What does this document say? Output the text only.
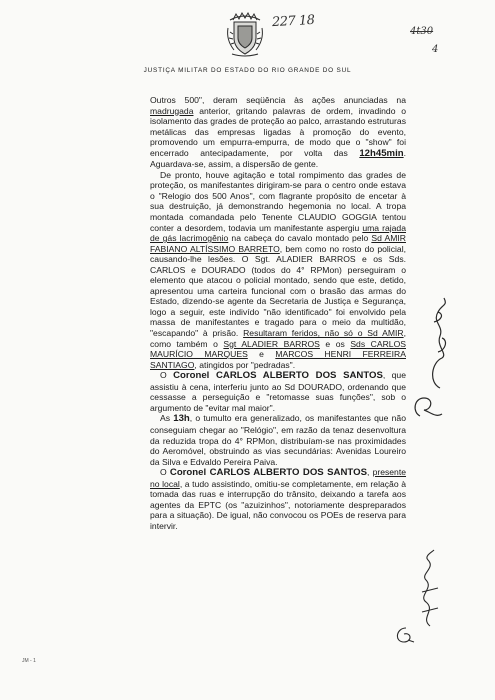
227 18
4t30
4
JUSTIÇA MILITAR DO ESTADO DO RIO GRANDE DO SUL

Outros 500", deram seqüência às ações anunciadas na madrugada anterior, gritando palavras de ordem, invadindo o isolamento das grades de proteção ao palco, arrastando estruturas metálicas das empresas ligadas à promoção do evento, promovendo um empurra-empurra, de modo que o "show" foi encerrado antecipadamente, por volta das 12h45min. Aguardava-se, assim, a dispersão de gente.

De pronto, houve agitação e total rompimento das grades de proteção, os manifestantes dirigiram-se para o centro onde estava o "Relogio dos 500 Anos", com flagrante propósito de encetar à sua destruição, já demonstrando hegemonia no local. A tropa montada comandada pelo Tenente CLAUDIO GOGGIA tentou conter a desordem, todavia um manifestante aspergiu uma rajada de gás lacrimogênio na cabeça do cavalo montado pelo Sd AMIR FABIANO ALTÍSSIMO BARRETO, bem como no rosto do policial, causando-lhe lesões. O Sgt. ALADIER BARROS e os Sds. CARLOS e DOURADO (todos do 4° RPMon) perseguiram o elemento que atacou o policial montado, sendo que este, detido, apresentou uma carteira funcional com o brasão das armas do Estado, dizendo-se agente da Secretaria de Justiça e Segurança, logo a seguir, este indivído "não identificado" foi envolvido pela massa de manifestantes e tragado para o meio da multidão, "escapando" à prisão. Resultaram feridos, não só o Sd AMIR, como também o Sgt ALADIER BARROS e os Sds CARLOS MAURÍCIO MARQUES e MARCOS HENRI FERREIRA SANTIAGO, atingidos por "pedradas".

O Coronel CARLOS ALBERTO DOS SANTOS, que assistiu à cena, interferiu junto ao Sd DOURADO, ordenando que cessasse a perseguição e "retomasse suas funções", sob o argumento de "evitar mal maior".

As 13h, o tumulto era generalizado, os manifestantes que não conseguiam chegar ao "Relógio", em razão da tenaz desenvoltura da reduzida tropa do 4° RPMon, distribuíam-se nas proximidades do Aeromóvel, obstruindo as vias secundárias: Avenidas Loureiro da Silva e Edvaldo Pereira Paiva.

O Coronel CARLOS ALBERTO DOS SANTOS, presente no local, a tudo assistindo, omitiu-se completamente, em relação à tomada das ruas e interrupção do trânsito, deixando a tarefa aos agentes da EPTC (os "azuizinhos", notoriamente despreparados para a situação). De igual, não convocou os POEs de reserva para intervir.

JM - 1
